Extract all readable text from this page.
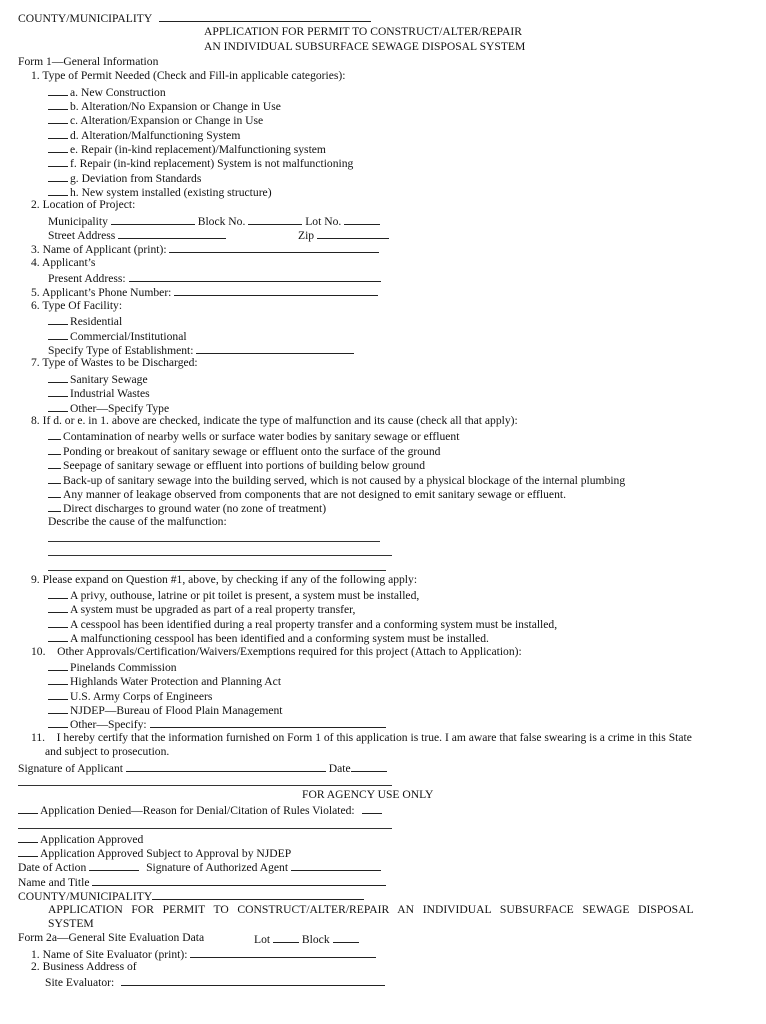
COUNTY/MUNICIPALITY
APPLICATION FOR PERMIT TO CONSTRUCT/ALTER/REPAIR
AN INDIVIDUAL SUBSURFACE SEWAGE DISPOSAL SYSTEM
Form 1—General Information
1. Type of Permit Needed (Check and Fill-in applicable categories):
a. New Construction
b. Alteration/No Expansion or Change in Use
c. Alteration/Expansion or Change in Use
d. Alteration/Malfunctioning System
e. Repair (in-kind replacement)/Malfunctioning system
f. Repair (in-kind replacement) System is not malfunctioning
g. Deviation from Standards
h. New system installed (existing structure)
2. Location of Project:
Municipality	Block No.	Lot No.
Street Address	Zip
3. Name of Applicant (print):
4. Applicant’s
Present Address:
5. Applicant’s Phone Number:
6. Type Of Facility:
Residential
Commercial/Institutional
Specify Type of Establishment:
7. Type of Wastes to be Discharged:
Sanitary Sewage
Industrial Wastes
Other—Specify Type
8. If d. or e. in 1. above are checked, indicate the type of malfunction and its cause (check all that apply):
Contamination of nearby wells or surface water bodies by sanitary sewage or effluent
Ponding or breakout of sanitary sewage or effluent onto the surface of the ground
Seepage of sanitary sewage or effluent into portions of building below ground
Back-up of sanitary sewage into the building served, which is not caused by a physical blockage of the internal plumbing
Any manner of leakage observed from components that are not designed to emit sanitary sewage or effluent.
Direct discharges to ground water (no zone of treatment)
Describe the cause of the malfunction:
9. Please expand on Question #1, above, by checking if any of the following apply:
A privy, outhouse, latrine or pit toilet is present, a system must be installed,
A system must be upgraded as part of a real property transfer,
A cesspool has been identified during a real property transfer and a conforming system must be installed,
A malfunctioning cesspool has been identified and a conforming system must be installed.
10.    Other Approvals/Certification/Waivers/Exemptions required for this project (Attach to Application):
Pinelands Commission
Highlands Water Protection and Planning Act
U.S. Army Corps of Engineers
NJDEP—Bureau of Flood Plain Management
Other—Specify:
11.    I hereby certify that the information furnished on Form 1 of this application is true. I am aware that false swearing is a crime in this State
and subject to prosecution.
Signature of Applicant	Date
FOR AGENCY USE ONLY
Application Denied—Reason for Denial/Citation of Rules Violated:
Application Approved
Application Approved Subject to Approval by NJDEP
Date of Action	Signature of Authorized Agent
Name and Title
COUNTY/MUNICIPALITY
APPLICATION   FOR   PERMIT   TO   CONSTRUCT/ALTER/REPAIR   AN   INDIVIDUAL   SUBSURFACE   SEWAGE   DISPOSAL
SYSTEM
Form 2a—General Site Evaluation Data	Lot	Block
1. Name of Site Evaluator (print):
2. Business Address of
Site Evaluator:
